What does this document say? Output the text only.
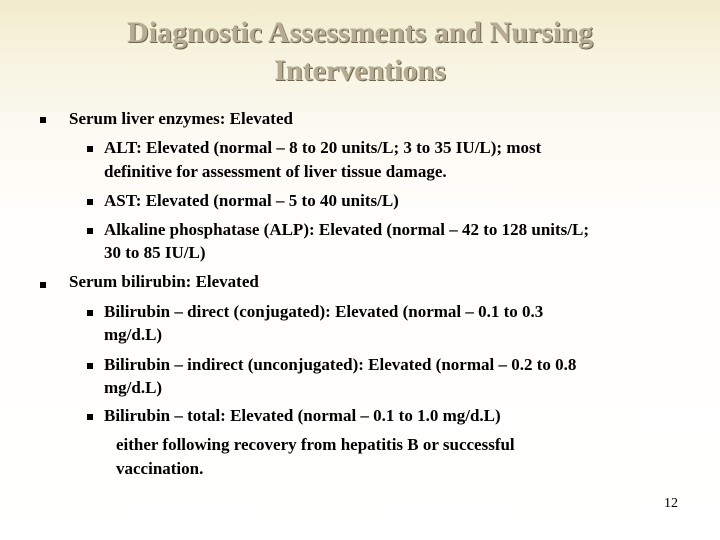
Diagnostic Assessments and Nursing
Interventions
Serum liver enzymes: Elevated
ALT: Elevated (normal – 8 to 20 units/L; 3 to 35 IU/L); most
definitive for assessment of liver tissue damage.
AST: Elevated (normal – 5 to 40 units/L)
Alkaline phosphatase (ALP): Elevated (normal – 42 to 128 units/L;
30 to 85 IU/L)
Serum bilirubin: Elevated
Bilirubin – direct (conjugated): Elevated (normal – 0.1 to 0.3
mg/d.L)
Bilirubin – indirect (unconjugated): Elevated (normal – 0.2 to 0.8
mg/d.L)
Bilirubin – total: Elevated (normal – 0.1 to 1.0 mg/d.L)
either following recovery from hepatitis B or successful
vaccination.
12
